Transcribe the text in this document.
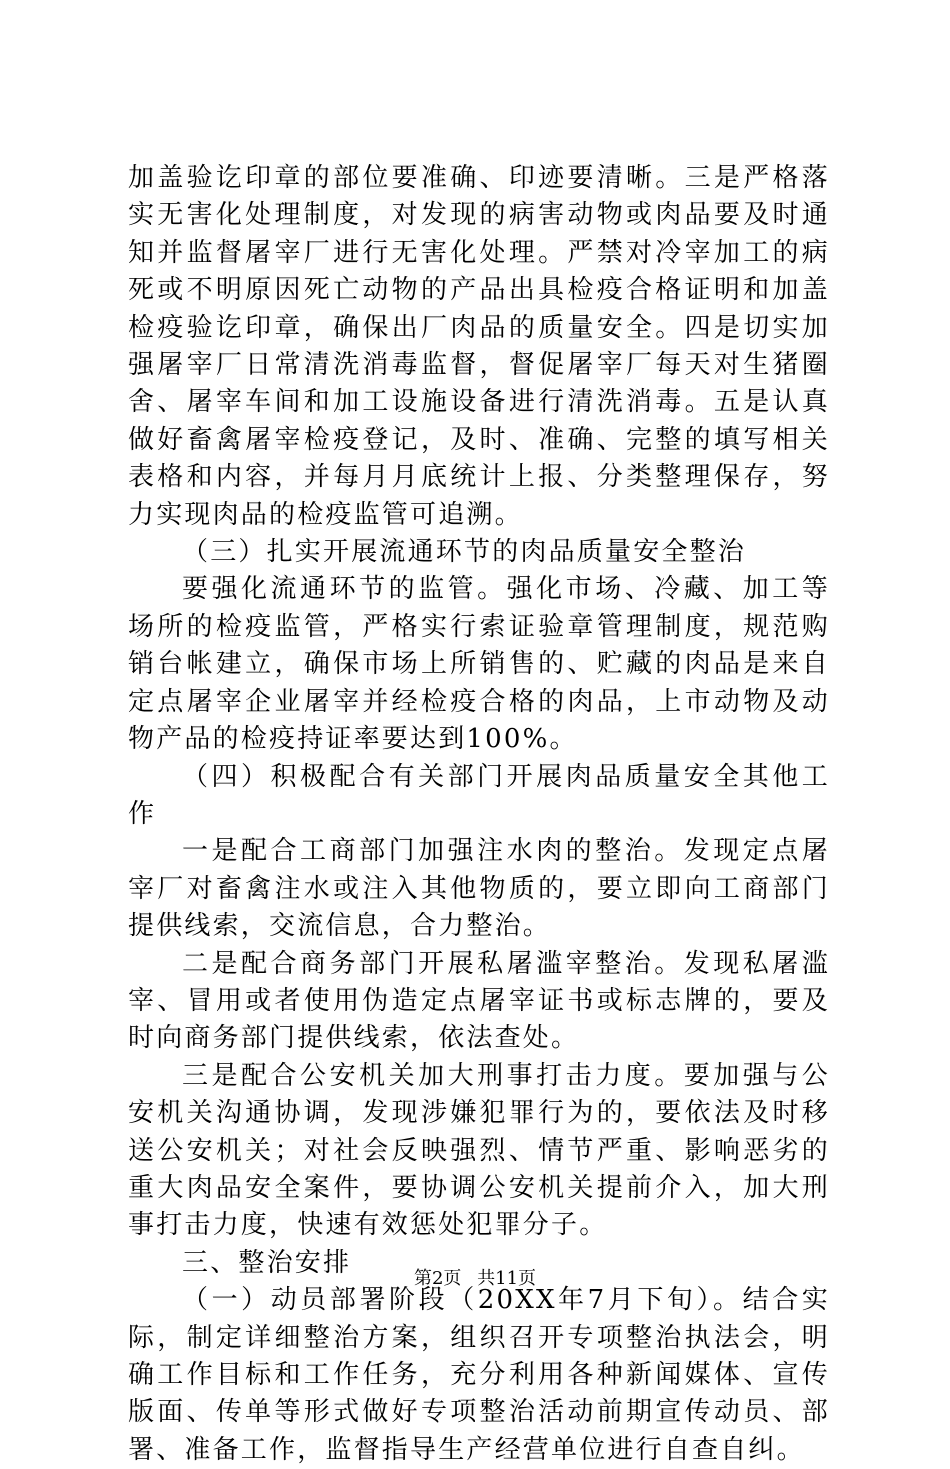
加盖验讫印章的部位要准确、印迹要清晰。三是严格落实无害化处理制度，对发现的病害动物或肉品要及时通知并监督屠宰厂进行无害化处理。严禁对冷宰加工的病死或不明原因死亡动物的产品出具检疫合格证明和加盖检疫验讫印章，确保出厂肉品的质量安全。四是切实加强屠宰厂日常清洗消毒监督，督促屠宰厂每天对生猪圈舍、屠宰车间和加工设施设备进行清洗消毒。五是认真做好畜禽屠宰检疫登记，及时、准确、完整的填写相关表格和内容，并每月月底统计上报、分类整理保存，努力实现肉品的检疫监管可追溯。

（三）扎实开展流通环节的肉品质量安全整治

要强化流通环节的监管。强化市场、冷藏、加工等场所的检疫监管，严格实行索证验章管理制度，规范购销台帐建立，确保市场上所销售的、贮藏的肉品是来自定点屠宰企业屠宰并经检疫合格的肉品，上市动物及动物产品的检疫持证率要达到100%。

（四）积极配合有关部门开展肉品质量安全其他工作

一是配合工商部门加强注水肉的整治。发现定点屠宰厂对畜禽注水或注入其他物质的，要立即向工商部门提供线索，交流信息，合力整治。

二是配合商务部门开展私屠滥宰整治。发现私屠滥宰、冒用或者使用伪造定点屠宰证书或标志牌的，要及时向商务部门提供线索，依法查处。

三是配合公安机关加大刑事打击力度。要加强与公安机关沟通协调，发现涉嫌犯罪行为的，要依法及时移送公安机关；对社会反映强烈、情节严重、影响恶劣的重大肉品安全案件，要协调公安机关提前介入，加大刑事打击力度，快速有效惩处犯罪分子。

三、整治安排

（一）动员部署阶段（20XX年7月下旬）。结合实际，制定详细整治方案，组织召开专项整治执法会，明确工作目标和工作任务，充分利用各种新闻媒体、宣传版面、传单等形式做好专项整治活动前期宣传动员、部署、准备工作，监督指导生产经营单位进行自查自纠。

第2页 共11页
